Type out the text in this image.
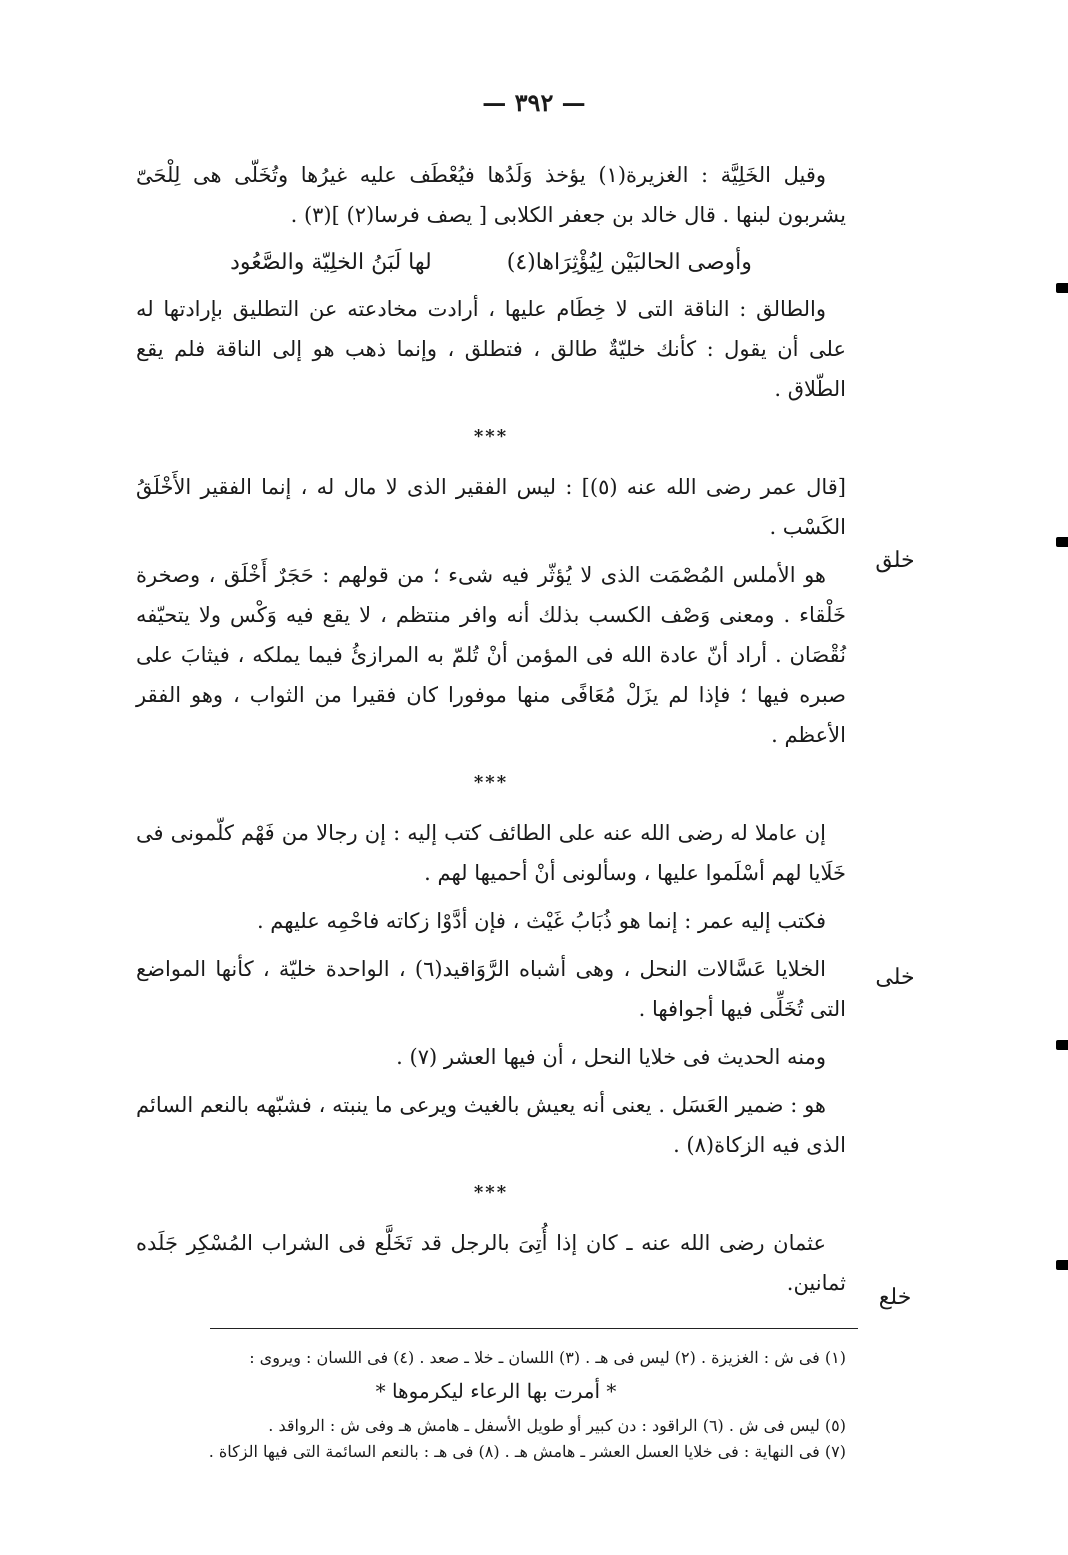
— ٣٩٢ —

وقيل الخَلِيَّة : الغزيرة(١) يؤخذ وَلَدُها فيُعْطَف عليه غيرُها وتُخَلّى هى لِلْحَىّ يشربون لبنها . قال خالد بن جعفر الكلابى [ يصف فرسا(٢) ](٣) .

وأوصى الحالبَيْن لِيُؤْثِرَاها(٤) لها لَبَنُ الخلِيّة والصَّعُود

والطالق : الناقة التى لا خِطَام عليها ، أرادت مخادعته عن التطليق بإرادتها له على أن يقول : كأنك خليّةٌ طالق ، فتطلق ، وإنما ذهب هو إلى الناقة فلم يقع الطّلاق .

***

[قال عمر رضى الله عنه (٥)] : ليس الفقير الذى لا مال له ، إنما الفقير الأَخْلَقُ الكَسْب .

هو الأملس المُصْمَت الذى لا يُؤثّر فيه شىء ؛ من قولهم : حَجَرٌ أَخْلَق ، وصخرة خَلْقاء . ومعنى وَصْف الكسب بذلك أنه وافر منتظم ، لا يقع فيه وَكْس ولا يتحيّفه نُقْصَان . أراد أنّ عادة الله فى المؤمن أنْ تُلمّ به المرازئُ فيما يملكه ، فيثابَ على صبره فيها ؛ فإذا لم يزَلْ مُعَافًى منها موفورا كان فقيرا من الثواب ، وهو الفقر الأعظم .

***

إن عاملا له رضى الله عنه على الطائف كتب إليه : إن رجالا من فَهْم كلّمونى فى خَلَايا لهم أسْلَموا عليها ، وسألونى أنْ أحميها لهم .

فكتب إليه عمر : إنما هو ذُبَابُ غَيْث ، فإن أدَّوْا زكاته فاحْمِه عليهم .

الخلايا عَسَّالات النحل ، وهى أشباه الرَّوَاقيد(٦) ، الواحدة خليّة ، كأنها المواضع التى تُخَلِّى فيها أجوافها .

ومنه الحديث فى خلايا النحل ، أن فيها العشر (٧) .

هو : ضمير العَسَل . يعنى أنه يعيش بالغيث ويرعى ما ينبته ، فشبّهه بالنعم السائم الذى فيه الزكاة(٨) .

***

عثمان رضى الله عنه ـ كان إذا أُتِىَ بالرجل قد تَخَلَّع فى الشراب المُسْكِر جَلَده ثمانين.

خلق
خلى
خلع
(١) فى ش : الغزيزة . (٢) ليس فى هـ . (٣) اللسان ـ خلا ـ صعد . (٤) فى اللسان : ويروى :
* أمرت بها الرعاء ليكرموها *
(٥) ليس فى ش . (٦) الراقود : دن كبير أو طويل الأسفل ـ هامش هـ وفى ش : الرواقد .
(٧) فى النهاية : فى خلايا العسل العشر ـ هامش هـ . (٨) فى هـ : بالنعم السائمة التى فيها الزكاة .
